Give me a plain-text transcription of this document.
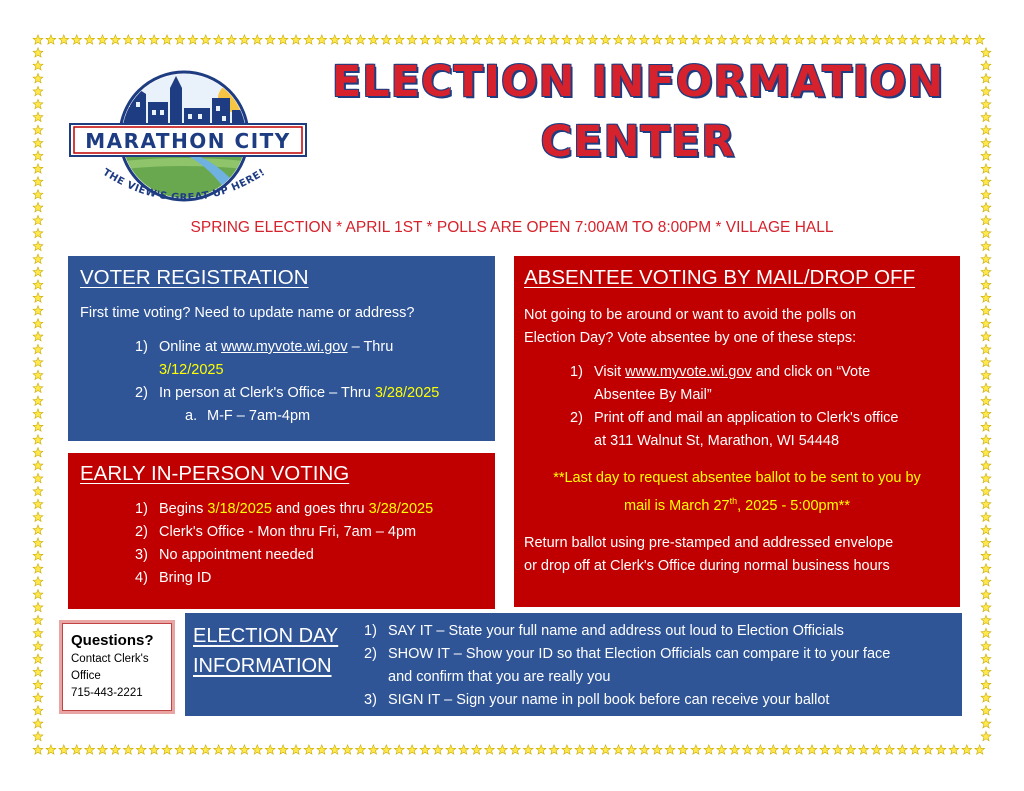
MARATHON CITY
THE VIEW'S GREAT UP HERE!
ELECTION INFORMATION
CENTER
SPRING ELECTION * APRIL 1ST * POLLS ARE OPEN 7:00AM TO 8:00PM * VILLAGE HALL
VOTER REGISTRATION

First time voting? Need to update name or address?

1) Online at www.myvote.wi.gov – Thru
3/12/2025
2) In person at Clerk's Office – Thru 3/28/2025
a. M-F – 7am-4pm
EARLY IN-PERSON VOTING
1) Begins 3/18/2025 and goes thru 3/28/2025
2) Clerk's Office - Mon thru Fri, 7am – 4pm
3) No appointment needed
4) Bring ID
ABSENTEE VOTING BY MAIL/DROP OFF

Not going to be around or want to avoid the polls on
Election Day? Vote absentee by one of these steps:

1) Visit www.myvote.wi.gov and click on “Vote
Absentee By Mail”
2) Print off and mail an application to Clerk's office
at 311 Walnut St, Marathon, WI 54448

**Last day to request absentee ballot to be sent to you by
mail is March 27th, 2025 - 5:00pm**

Return ballot using pre-stamped and addressed envelope
or drop off at Clerk's Office during normal business hours

Questions?
Contact Clerk's
Office
715-443-2221
ELECTION DAY
INFORMATION
1) SAY IT – State your full name and address out loud to Election Officials
2) SHOW IT – Show your ID so that Election Officials can compare it to your face
and confirm that you are really you
3) SIGN IT – Sign your name in poll book before can receive your ballot
